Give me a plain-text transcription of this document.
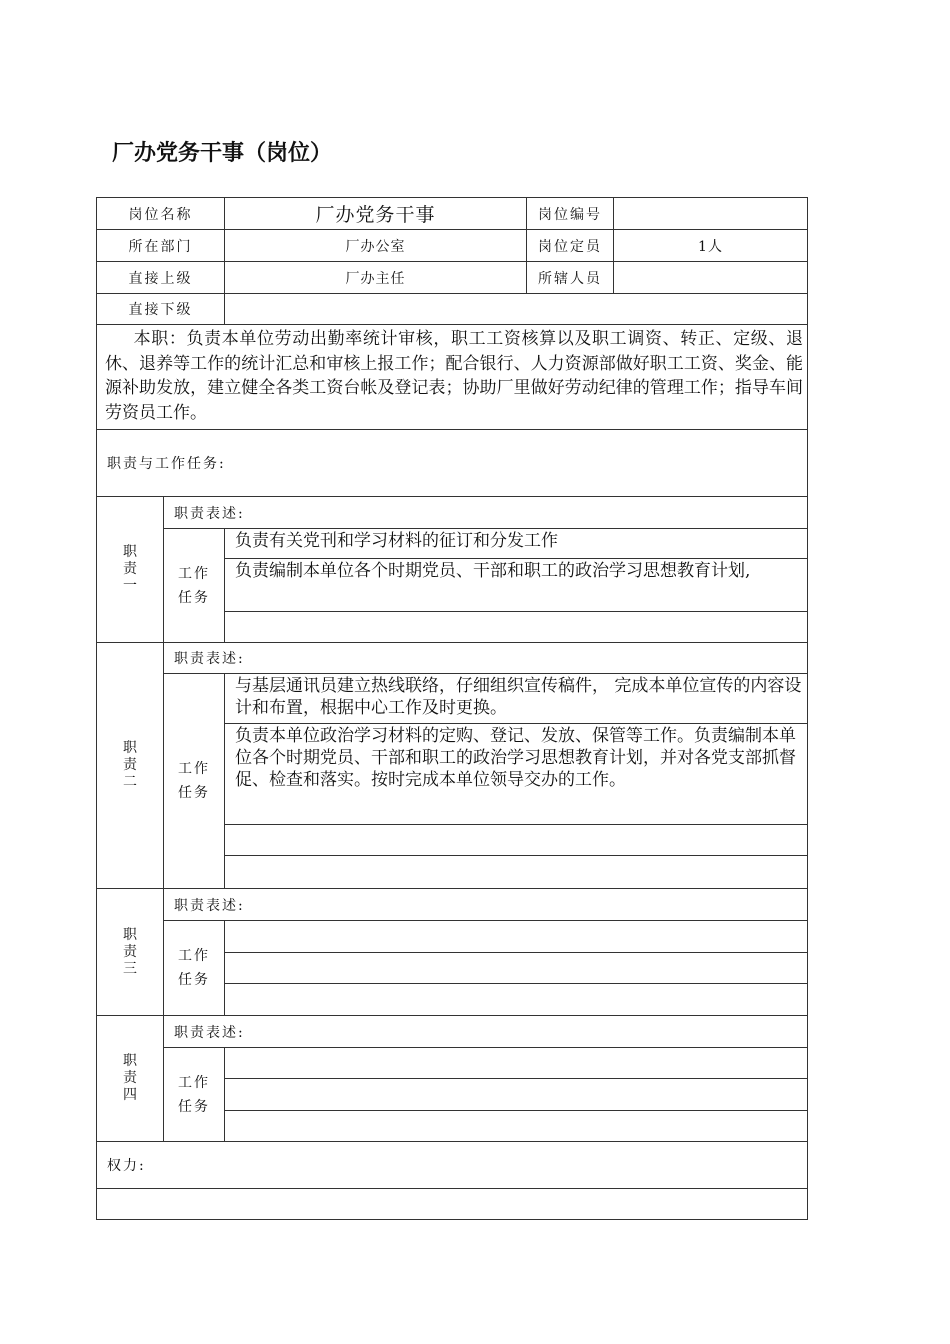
厂办党务干事（岗位）
岗位名称		厂办党务干事	岗位编号	
所在部门		厂办公室	岗位定员	1人
直接上级		厂办主任	所辖人员	
直接下级				
本职：负责本单位劳动出勤率统计审核，职工工资核算以及职工调资、转正、定级、退休、退养等工作的统计汇总和审核上报工作；配合银行、人力资源部做好职工工资、奖金、能源补助发放，建立健全各类工资台帐及登记表；协助厂里做好劳动纪律的管理工作；指导车间劳资员工作。				
职责与工作任务:				

职
责
一	职责表述:			
	工作
任务	负责有关党刊和学习材料的征订和分发工作		
		负责编制本单位各个时期党员、干部和职工的政治学习思想教育计划,		

职
责
二	职责表述:			
	工作
任务	与基层通讯员建立热线联络，仔细组织宣传稿件， 完成本单位宣传的内容设计和布置，根据中心工作及时更换。		
		负责本单位政治学习材料的定购、登记、发放、保管等工作。负责编制本单位各个时期党员、干部和职工的政治学习思想教育计划，并对各党支部抓督促、检查和落实。按时完成本单位领导交办的工作。		

职
责
三	职责表述:			
	工作
任务			

职
责
四	职责表述:			
	工作
任务			

权力:				
